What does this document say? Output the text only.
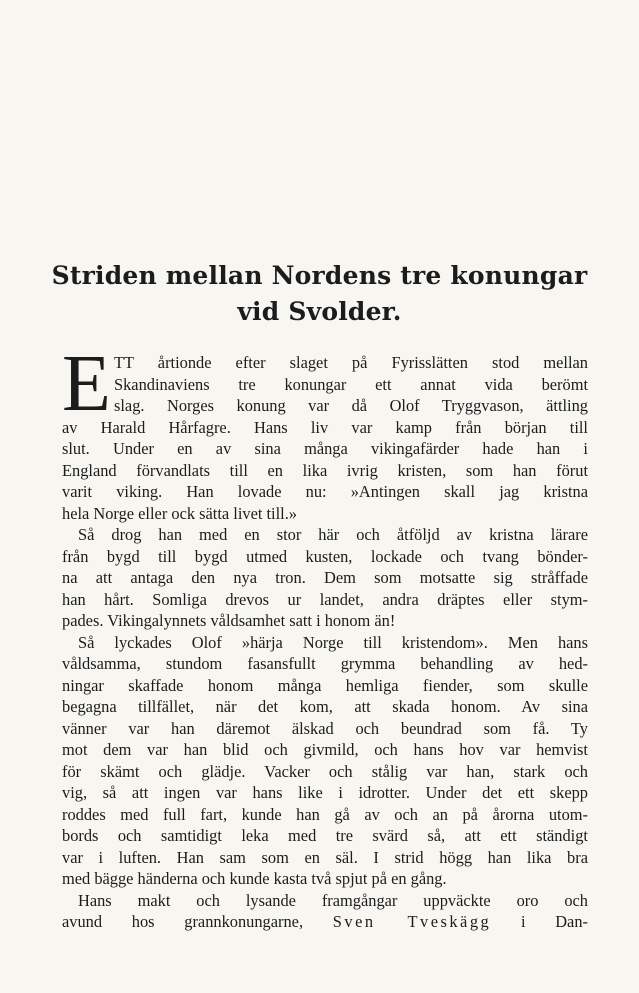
Striden mellan Nordens tre konungar
vid Svolder.
E TT årtionde efter slaget på Fyrisslätten stod mellan
Skandinaviens tre konungar ett annat vida berömt
slag. Norges konung var då Olof Tryggvason, ättling
av Harald Hårfagre. Hans liv var kamp från början till
slut. Under en av sina många vikingafärder hade han i
England förvandlats till en lika ivrig kristen, som han förut
varit viking. Han lovade nu: »Antingen skall jag kristna
hela Norge eller ock sätta livet till.»
Så drog han med en stor här och åtföljd av kristna lärare
från bygd till bygd utmed kusten, lockade och tvang bönder-
na att antaga den nya tron. Dem som motsatte sig stråffade
han hårt. Somliga drevos ur landet, andra dräptes eller stym-
pades. Vikingalynnets våldsamhet satt i honom än!
Så lyckades Olof »härja Norge till kristendom». Men hans
våldsamma, stundom fasansfullt grymma behandling av hed-
ningar skaffade honom många hemliga fiender, som skulle
begagna tillfället, när det kom, att skada honom. Av sina
vänner var han däremot älskad och beundrad som få. Ty
mot dem var han blid och givmild, och hans hov var hemvist
för skämt och glädje. Vacker och stålig var han, stark och
vig, så att ingen var hans like i idrotter. Under det ett skepp
roddes med full fart, kunde han gå av och an på årorna utom-
bords och samtidigt leka med tre svärd så, att ett ständigt
var i luften. Han sam som en säl. I strid högg han lika bra
med bägge händerna och kunde kasta två spjut på en gång.
Hans makt och lysande framgångar uppväckte oro och
avund hos grannkonungarne, Sven Tveskägg i Dan-
